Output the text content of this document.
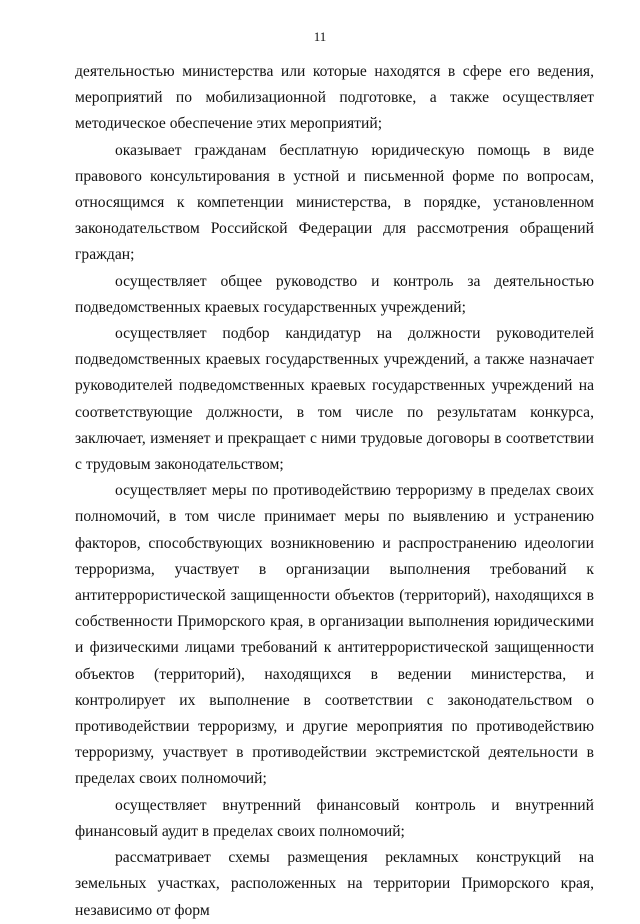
11

деятельностью министерства или которые находятся в сфере его ведения, мероприятий по мобилизационной подготовке, а также осуществляет методическое обеспечение этих мероприятий;

оказывает гражданам бесплатную юридическую помощь в виде правового консультирования в устной и письменной форме по вопросам, относящимся к компетенции министерства, в порядке, установленном законодательством Российской Федерации для рассмотрения обращений граждан;

осуществляет общее руководство и контроль за деятельностью подведомственных краевых государственных учреждений;

осуществляет подбор кандидатур на должности руководителей подведомственных краевых государственных учреждений, а также назначает руководителей подведомственных краевых государственных учреждений на соответствующие должности, в том числе по результатам конкурса, заключает, изменяет и прекращает с ними трудовые договоры в соответствии с трудовым законодательством;

осуществляет меры по противодействию терроризму в пределах своих полномочий, в том числе принимает меры по выявлению и устранению факторов, способствующих возникновению и распространению идеологии терроризма, участвует в организации выполнения требований к антитеррористической защищенности объектов (территорий), находящихся в собственности Приморского края, в организации выполнения юридическими и физическими лицами требований к антитеррористической защищенности объектов (территорий), находящихся в ведении министерства, и контролирует их выполнение в соответствии с законодательством о противодействии терроризму, и другие мероприятия по противодействию терроризму, участвует в противодействии экстремистской деятельности в пределах своих полномочий;

осуществляет внутренний финансовый контроль и внутренний финансовый аудит в пределах своих полномочий;

рассматривает схемы размещения рекламных конструкций на земельных участках, расположенных на территории Приморского края, независимо от форм
